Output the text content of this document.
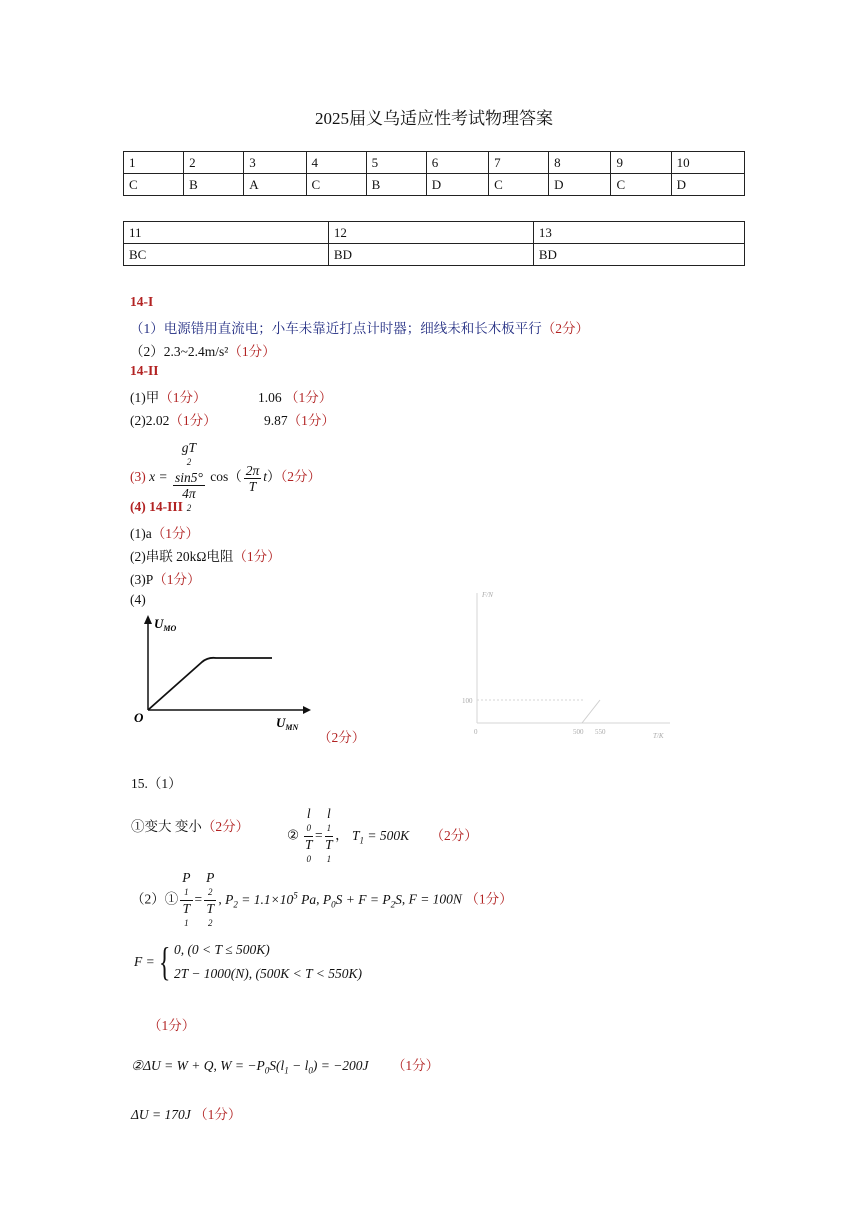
2025届义乌适应性考试物理答案
1	2	3	4	5	6	7	8	9	10
C	B	A	C	B	D	C	D	C	D
11	12	13
BC	BD	BD
14-I
（1）电源错用直流电；小车未靠近打点计时器；细线未和长木板平行（2分）
（2）2.3~2.4m/s²（1分）
14-II
(1)甲（1分）	1.06 （1分）
(2)2.02（1分）	9.87（1分）
(3) x = gT
2
sin5°
4π
2 $\cos( \frac{2\pi}{T} t)(2$分）
(4) 14-III
(1)a（1分）
(2)串联 20kΩ电阻（1分）
(3)P（1分）
(4)
$U_{MO}$
O	$U_{MN}$
（2分）
F/N
100
0	500 550	T/K
15.（1）
①变大 变小（2分）
② l
0
T
0 = l
1
T
1 ， $T_1 = 500K$ （2分）
（2）① P
1
T
1 = P
2
T
2 , $P_2 = 1.1\times 10^5$ Pa, $P_0S + F = P_2S$, F = 100N （1分）
F ={ 0, (0 < T ≤ 500K)
2T − 1000(N), (500K < T < 550K)
（1分）
②ΔU = W + Q, $W = -P_0S(l_1 - l_0) = -200J$ （1分）
ΔU = 170J （1分）
